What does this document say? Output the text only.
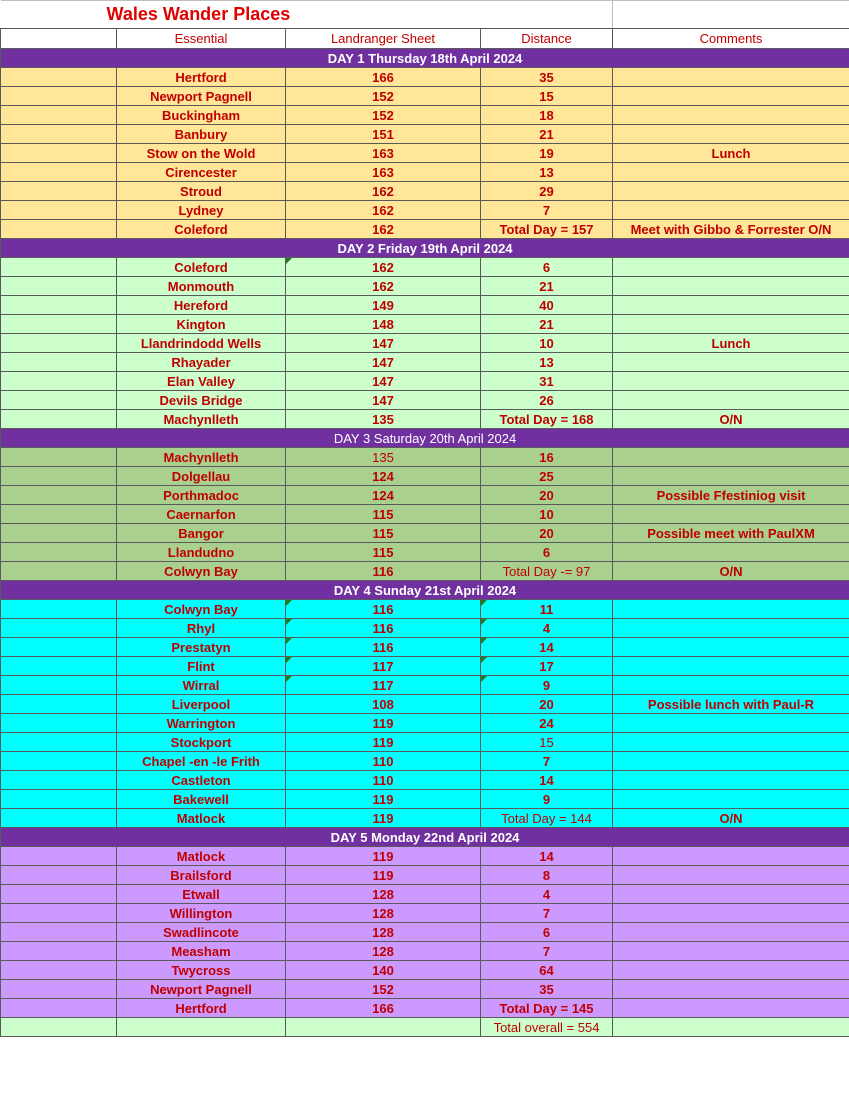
Wales Wander Places				
	Essential	Landranger Sheet	Distance	Comments
DAY 1 Thursday 18th April 2024				
	Hertford	166	35	
	Newport Pagnell	152	15	
	Buckingham	152	18	
	Banbury	151	21	
	Stow on the Wold	163	19	Lunch
	Cirencester	163	13	
	Stroud	162	29	
	Lydney	162	7	
	Coleford	162	Total Day = 157	Meet with Gibbo & Forrester O/N
DAY 2 Friday 19th April 2024				
	Coleford	162	6	
	Monmouth	162	21	
	Hereford	149	40	
	Kington	148	21	
	Llandrindodd Wells	147	10	Lunch
	Rhayader	147	13	
	Elan Valley	147	31	
	Devils Bridge	147	26	
	Machynlleth	135	Total Day = 168	O/N
DAY 3 Saturday 20th April 2024				
	Machynlleth	135	16	
	Dolgellau	124	25	
	Porthmadoc	124	20	Possible Ffestiniog visit
	Caernarfon	115	10	
	Bangor	115	20	Possible meet with PaulXM
	Llandudno	115	6	
	Colwyn Bay	116	Total Day -= 97	O/N
DAY 4 Sunday 21st April 2024				
	Colwyn Bay	116	11	
	Rhyl	116	4	
	Prestatyn	116	14	
	Flint	117	17	
	Wirral	117	9	
	Liverpool	108	20	Possible lunch with Paul-R
	Warrington	119	24	
	Stockport	119	15	
	Chapel -en -le Frith	110	7	
	Castleton	110	14	
	Bakewell	119	9	
	Matlock	119	Total Day = 144	O/N
DAY 5 Monday 22nd April 2024				
	Matlock	119	14	
	Brailsford	119	8	
	Etwall	128	4	
	Willington	128	7	
	Swadlincote	128	6	
	Measham	128	7	
	Twycross	140	64	
	Newport Pagnell	152	35	
	Hertford	166	Total Day = 145	
			Total overall = 554	
